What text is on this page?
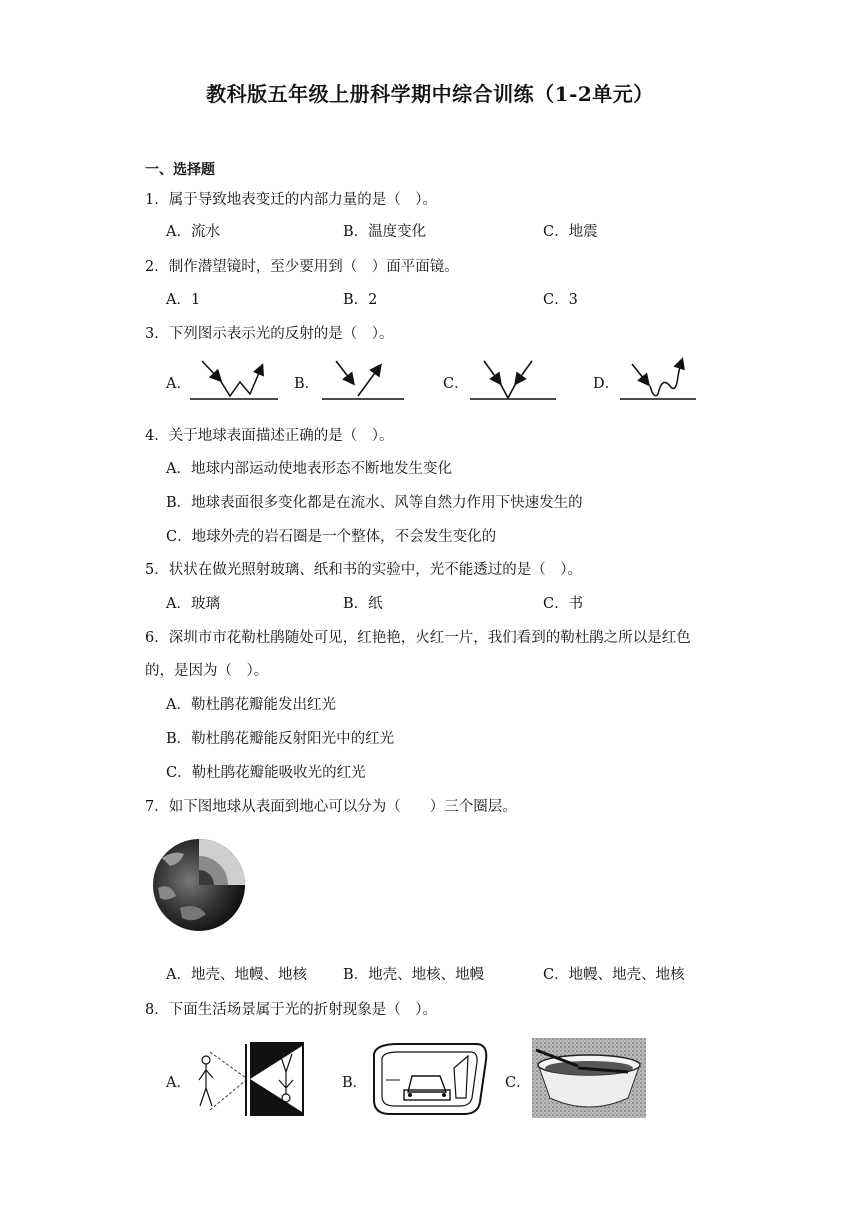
教科版五年级上册科学期中综合训练（1-2单元）
一、选择题
1．属于导致地表变迁的内部力量的是（　）。
A．流水	B．温度变化	C．地震
2．制作潜望镜时，至少要用到（　）面平面镜。
A．1	B．2	C．3
3．下列图示表示光的反射的是（　）。
A．	B．	C．	D．
4．关于地球表面描述正确的是（　）。
A．地球内部运动使地表形态不断地发生变化
B．地球表面很多变化都是在流水、风等自然力作用下快速发生的
C．地球外壳的岩石圈是一个整体，不会发生变化的
5．状状在做光照射玻璃、纸和书的实验中，光不能透过的是（　）。
A．玻璃	B．纸	C．书
6．深圳市市花勒杜鹃随处可见，红艳艳，火红一片，我们看到的勒杜鹃之所以是红色
的，是因为（　）。
A．勒杜鹃花瓣能发出红光
B．勒杜鹃花瓣能反射阳光中的红光
C．勒杜鹃花瓣能吸收光的红光
7．如下图地球从表面到地心可以分为（　　）三个圈层。
A．地壳、地幔、地核 B．地壳、地核、地幔	C．地幔、地壳、地核
8．下面生活场景属于光的折射现象是（　）。
A．	B．	C．
